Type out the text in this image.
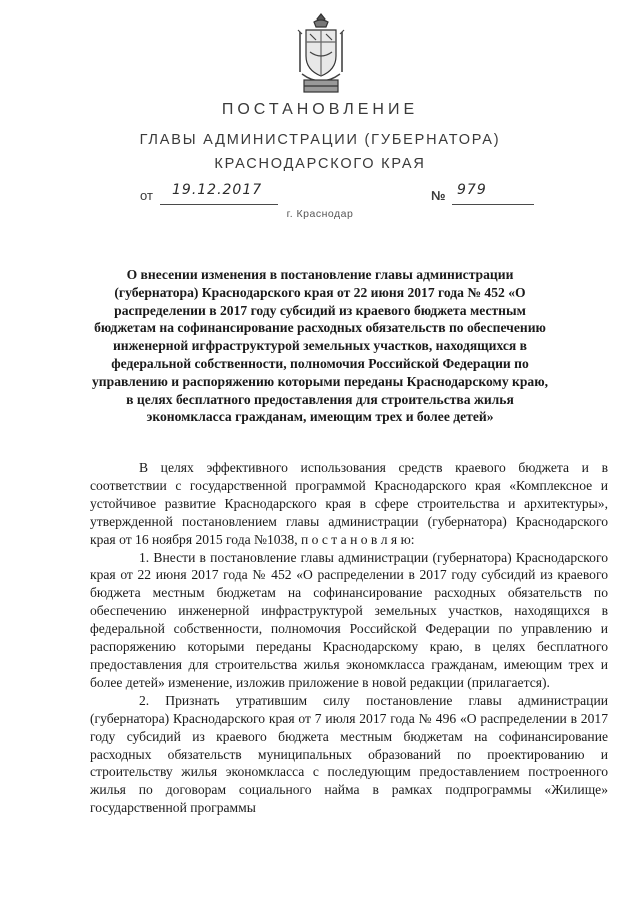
ПОСТАНОВЛЕНИЕ
ГЛАВЫ АДМИНИСТРАЦИИ (ГУБЕРНАТОРА)
КРАСНОДАРСКОГО КРАЯ
от 19.12.2017	№ 979
г. Краснодар
О внесении изменения в постановление главы администрации (губернатора) Краснодарского края от 22 июня 2017 года № 452 «О распределении в 2017 году субсидий из краевого бюджета местным бюджетам на софинансирование расходных обязательств по обеспечению инженерной игфраструктурой земельных участков, находящихся в федеральной собственности, полномочия Российской Федерации по управлению и распоряжению которыми переданы Краснодарскому краю, в целях бесплатного предоставления для строительства жилья экономкласса гражданам, имеющим трех и более детей»

В целях эффективного использования средств краевого бюджета и в соответствии с государственной программой Краснодарского края «Комплексное и устойчивое развитие Краснодарского края в сфере строительства и архитектуры», утвержденной постановлением главы администрации (губернатора) Краснодарского края от 16 ноября 2015 года №1038, п о с т а н о в л я ю:

1. Внести в постановление главы администрации (губернатора) Краснодарского края от 22 июня 2017 года № 452 «О распределении в 2017 году субсидий из краевого бюджета местным бюджетам на софинансирование расходных обязательств по обеспечению инженерной инфраструктурой земельных участков, находящихся в федеральной собственности, полномочия Российской Федерации по управлению и распоряжению которыми переданы Краснодарскому краю, в целях бесплатного предоставления для строительства жилья экономкласса гражданам, имеющим трех и более детей» изменение, изложив приложение в новой редакции (прилагается).

2. Признать утратившим силу постановление главы администрации (губернатора) Краснодарского края от 7 июля 2017 года № 496 «О распределении в 2017 году субсидий из краевого бюджета местным бюджетам на софинансирование расходных обязательств муниципальных образований по проектированию и строительству жилья экономкласса с последующим предоставлением построенного жилья по договорам социального найма в рамках подпрограммы «Жилище» государственной программы
